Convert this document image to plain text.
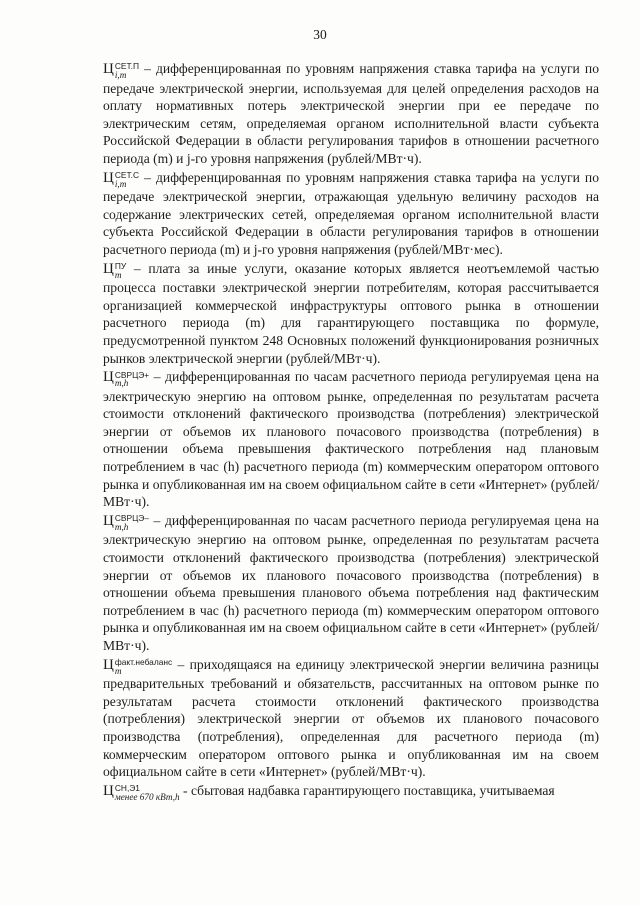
30

Ц СЕТ.П
i,m – дифференцированная по уровням напряжения ставка тарифа на услуги по передаче электрической энергии, используемая для целей определения расходов на оплату нормативных потерь электрической энергии при ее передаче по электрическим сетям, определяемая органом исполнительной власти субъекта Российской Федерации в области регулирования тарифов в отношении расчетного периода (m) и j-го уровня напряжения (рублей/МВт·ч).

Ц СЕТ.С
i,m – дифференцированная по уровням напряжения ставка тарифа на услуги по передаче электрической энергии, отражающая удельную величину расходов на содержание электрических сетей, определяемая органом исполнительной власти субъекта Российской Федерации в области регулирования тарифов в отношении расчетного периода (m) и j-го уровня напряжения (рублей/МВт·мес).

Ц ПУ
m – плата за иные услуги, оказание которых является неотъемлемой частью процесса поставки электрической энергии потребителям, которая рассчитывается организацией коммерческой инфраструктуры оптового рынка в отношении расчетного периода (m) для гарантирующего поставщика по формуле, предусмотренной пунктом 248 Основных положений функционирования розничных рынков электрической энергии (рублей/МВт·ч).

Ц СВРЦЭ+
m,h	– дифференцированная по часам расчетного периода регулируемая цена на электрическую энергию на оптовом рынке, определенная по результатам расчета стоимости отклонений фактического производства (потребления) электрической энергии от объемов их планового почасового производства (потребления) в отношении объема превышения фактического потребления над плановым потреблением в час (h) расчетного периода (m) коммерческим оператором оптового рынка и опубликованная им на своем официальном сайте в сети «Интернет» (рублей/МВт·ч).

Ц СВРЦЭ–
m,h	– дифференцированная по часам расчетного периода регулируемая цена на электрическую энергию на оптовом рынке, определенная по результатам расчета стоимости отклонений фактического производства (потребления) электрической энергии от объемов их планового почасового производства (потребления) в отношении объема превышения планового объема потребления над фактическим потреблением в час (h) расчетного периода (m) коммерческим оператором оптового рынка и опубликованная им на своем официальном сайте в сети «Интернет» (рублей/МВт·ч).

Ц факт.небаланс
m	– приходящаяся на единицу электрической энергии величина разницы предварительных требований и обязательств, рассчитанных на оптовом рынке по результатам расчета стоимости отклонений фактического производства (потребления) электрической энергии от объемов их планового почасового производства (потребления), определенная для расчетного периода (m) коммерческим оператором оптового рынка и опубликованная им на своем официальном сайте в сети «Интернет» (рублей/МВт·ч).

Ц СН,Э1
менее 670 кВт,h - сбытовая надбавка гарантирующего поставщика, учитываемая
